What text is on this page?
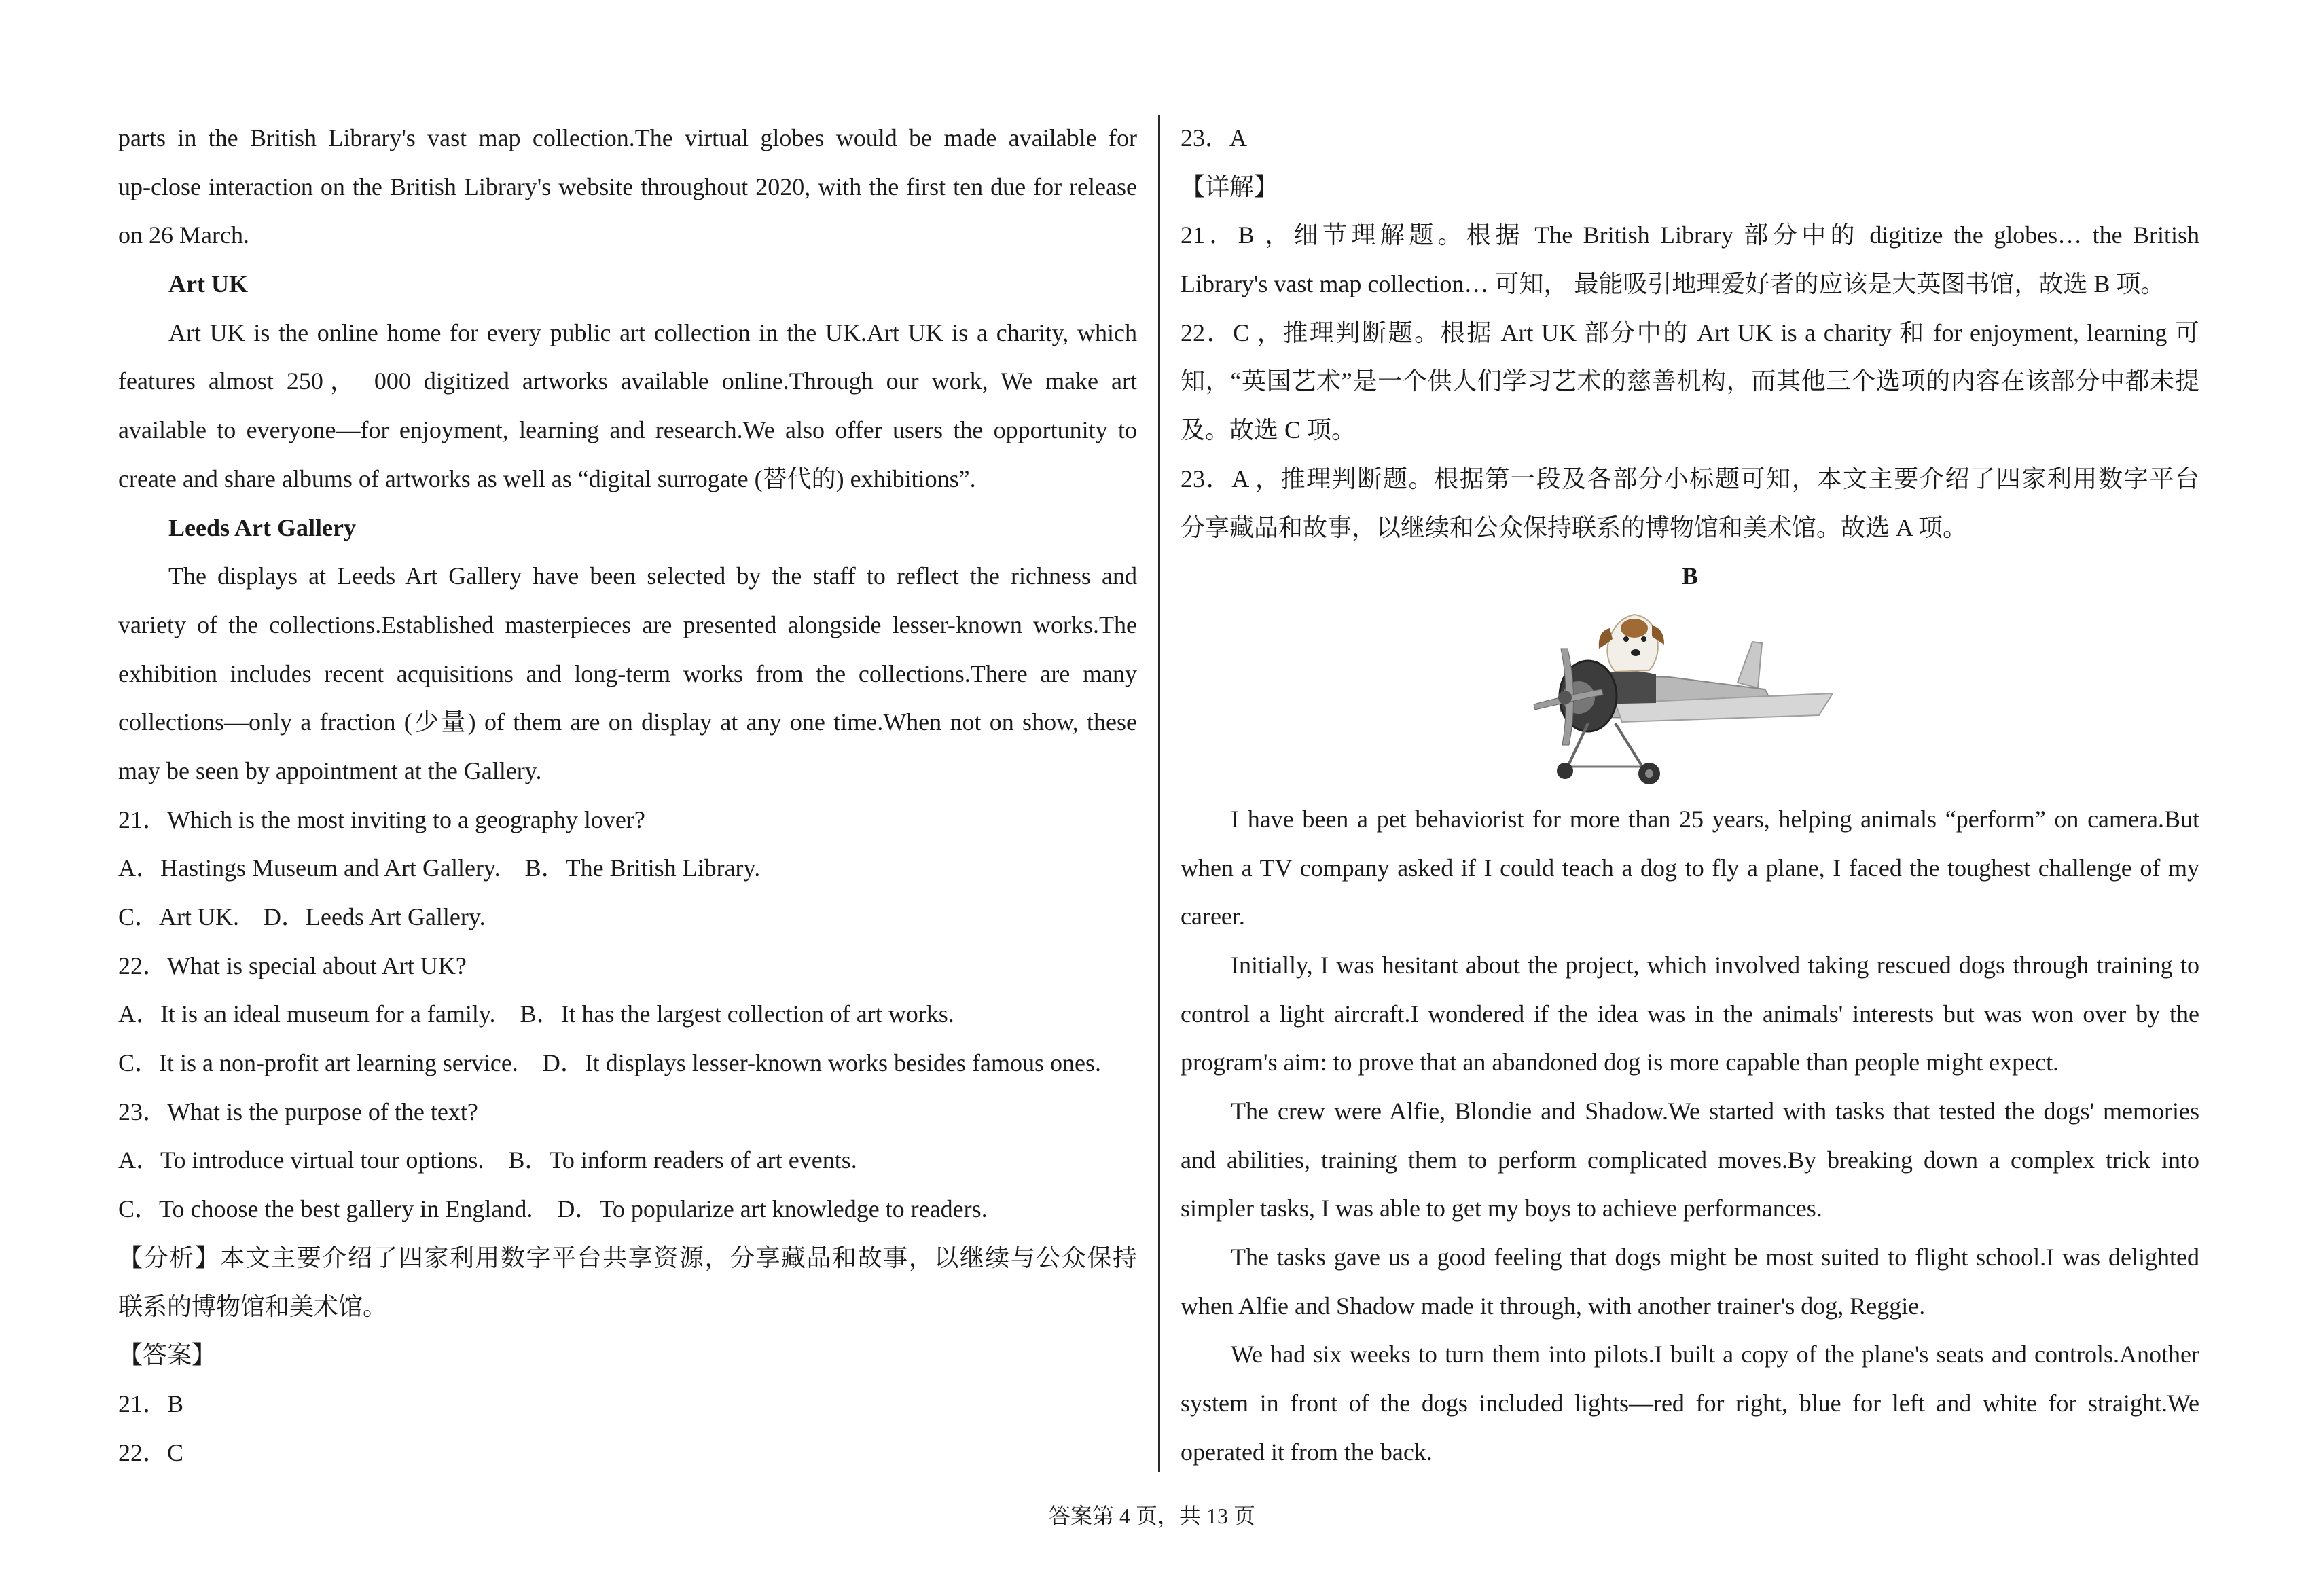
parts in the British Library's vast map collection.The virtual globes would be made available for
up-close interaction on the British Library's website throughout 2020, with the first ten due for release
on 26 March.
Art UK
Art UK is the online home for every public art collection in the UK.Art UK is a charity, which
features almost 250， 000 digitized artworks available online.Through our work, We make art
available to everyone—for enjoyment, learning and research.We also offer users the opportunity to
create and share albums of artworks as well as “digital surrogate (替代的) exhibitions”.
Leeds Art Gallery
The displays at Leeds Art Gallery have been selected by the staff to reflect the richness and
variety of the collections.Established masterpieces are presented alongside lesser-known works.The
exhibition includes recent acquisitions and long-term works from the collections.There are many
collections—only a fraction (少量) of them are on display at any one time.When not on show, these
may be seen by appointment at the Gallery.
21．Which is the most inviting to a geography lover?
A．Hastings Museum and Art Gallery.    B．The British Library.
C．Art UK.    D．Leeds Art Gallery.
22．What is special about Art UK?
A．It is an ideal museum for a family.    B．It has the largest collection of art works.
C．It is a non-profit art learning service.    D．It displays lesser-known works besides famous ones.
23．What is the purpose of the text?
A．To introduce virtual tour options.    B．To inform readers of art events.
C．To choose the best gallery in England.    D．To popularize art knowledge to readers.
【分析】本文主要介绍了四家利用数字平台共享资源，分享藏品和故事，以继续与公众保持
联系的博物馆和美术馆。
【答案】
21．B
22．C
23．A
【详解】
21．B ，细节理解题。根据 The British Library 部分中的 digitize the globes… the British
Library's vast map collection… 可知， 最能吸引地理爱好者的应该是大英图书馆，故选 B 项。
22．C ，推理判断题。根据 Art UK 部分中的 Art UK is a charity 和 for enjoyment, learning 可
知，“英国艺术”是一个供人们学习艺术的慈善机构，而其他三个选项的内容在该部分中都未提
及。故选 C 项。
23．A ，推理判断题。根据第一段及各部分小标题可知，本文主要介绍了四家利用数字平台
分享藏品和故事，以继续和公众保持联系的博物馆和美术馆。故选 A 项。
B
I have been a pet behaviorist for more than 25 years, helping animals “perform” on camera.But
when a TV company asked if I could teach a dog to fly a plane, I faced the toughest challenge of my
career.
Initially, I was hesitant about the project, which involved taking rescued dogs through training to
control a light aircraft.I wondered if the idea was in the animals' interests but was won over by the
program's aim: to prove that an abandoned dog is more capable than people might expect.
The crew were Alfie, Blondie and Shadow.We started with tasks that tested the dogs' memories
and abilities, training them to perform complicated moves.By breaking down a complex trick into
simpler tasks, I was able to get my boys to achieve performances.
The tasks gave us a good feeling that dogs might be most suited to flight school.I was delighted
when Alfie and Shadow made it through, with another trainer's dog, Reggie.
We had six weeks to turn them into pilots.I built a copy of the plane's seats and controls.Another
system in front of the dogs included lights—red for right, blue for left and white for straight.We
operated it from the back.
答案第 4 页，共 13 页
